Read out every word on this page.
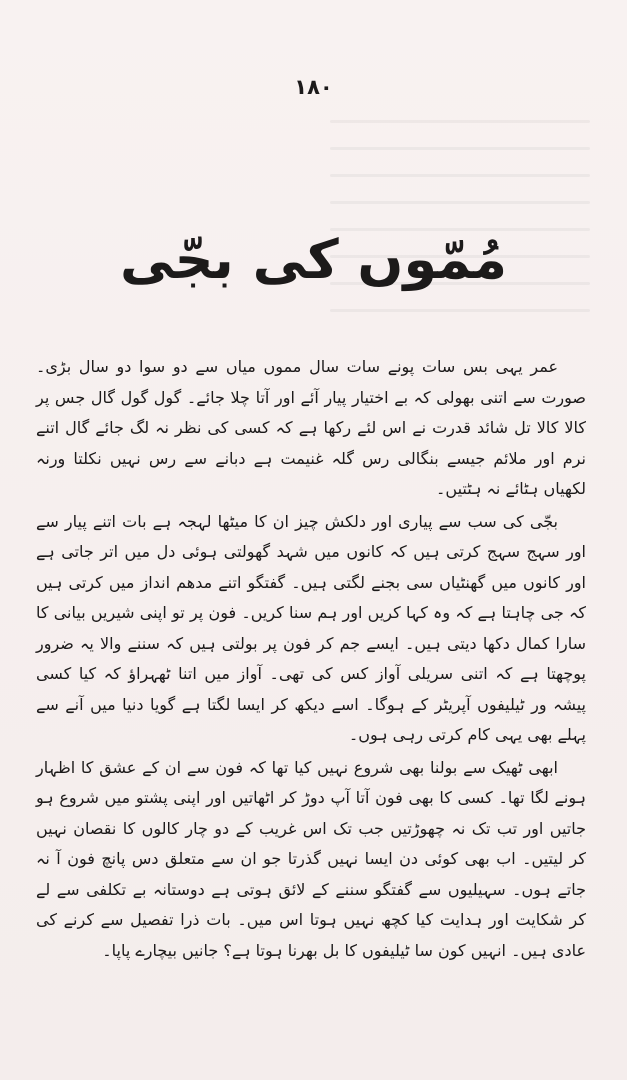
۱۸۰
مُمّوں کی بجّی

عمر یہی بس سات پونے سات سال مموں میاں سے دو سوا دو سال بڑی۔ صورت سے اتنی بھولی کہ بے اختیار پیار آئے اور آتا چلا جائے۔ گول گول گال جس پر کالا کالا تل شائد قدرت نے اس لئے رکھا ہے کہ کسی کی نظر نہ لگ جائے گال اتنے نرم اور ملائم جیسے بنگالی رس گلہ غنیمت ہے دبانے سے رس نہیں نکلتا ورنہ لکھیاں ہٹائے نہ ہٹتیں۔

بجّی کی سب سے پیاری اور دلکش چیز ان کا میٹھا لہجہ ہے بات اتنے پیار سے اور سہج سہج کرتی ہیں کہ کانوں میں شہد گھولتی ہوئی دل میں اتر جاتی ہے اور کانوں میں گھنٹیاں سی بجنے لگتی ہیں۔ گفتگو اتنے مدھم انداز میں کرتی ہیں کہ جی چاہتا ہے کہ وہ کہا کریں اور ہم سنا کریں۔ فون پر تو اپنی شیریں بیانی کا سارا کمال دکھا دیتی ہیں۔ ایسے جم کر فون پر بولتی ہیں کہ سننے والا یہ ضرور پوچھتا ہے کہ اتنی سریلی آواز کس کی تھی۔ آواز میں اتنا ٹھہراؤ کہ کیا کسی پیشہ ور ٹیلیفوں آپریٹر کے ہوگا۔ اسے دیکھ کر ایسا لگتا ہے گویا دنیا میں آنے سے پہلے بھی یہی کام کرتی رہی ہوں۔

ابھی ٹھیک سے بولنا بھی شروع نہیں کیا تھا کہ فون سے ان کے عشق کا اظہار ہونے لگا تھا۔ کسی کا بھی فون آتا آپ دوڑ کر اٹھاتیں اور اپنی پشتو میں شروع ہو جاتیں اور تب تک نہ چھوڑتیں جب تک اس غریب کے دو چار کالوں کا نقصان نہیں کر لیتیں۔ اب بھی کوئی دن ایسا نہیں گذرتا جو ان سے متعلق دس پانچ فون آ نہ جاتے ہوں۔ سہیلیوں سے گفتگو سننے کے لائق ہوتی ہے دوستانہ بے تکلفی سے لے کر شکایت اور ہدایت کیا کچھ نہیں ہوتا اس میں۔ بات ذرا تفصیل سے کرنے کی عادی ہیں۔ انہیں کون سا ٹیلیفوں کا بل بھرنا ہوتا ہے؟ جانیں بیچارے پاپا۔
